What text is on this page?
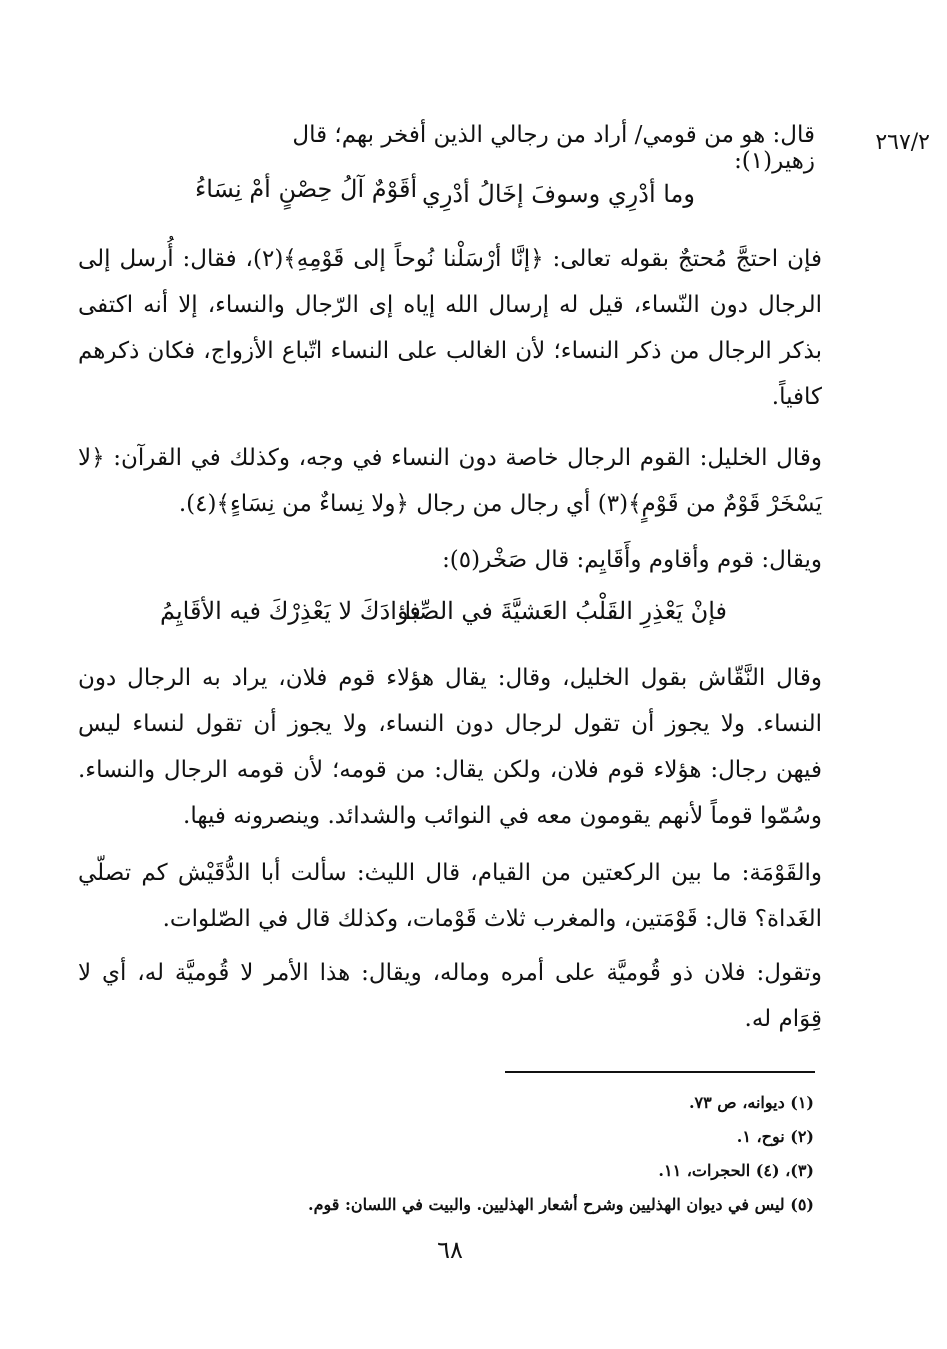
٢٦٧/٢
قال: هو من قومي/ أراد من رجالي الذين أفخر بهم؛ قال زهير(١):
وما أدْرِي وسوفَ إخَالُ أدْرِي
أقَوْمٌ آلُ حِصْنٍ أمْ نِسَاءُ
فإن احتجَّ مُحتجٌ بقوله تعالى: ﴿إنَّا أرْسَلْنا نُوحاً إلى قَوْمِهِ﴾(٢)، فقال: أُرسل إلى الرجال دون النّساء، قيل له إرسال الله إياه إى الرّجال والنساء، إلا أنه اكتفى بذكر الرجال من ذكر النساء؛ لأن الغالب على النساء اتّباع الأزواج، فكان ذكرهم كافياً.
وقال الخليل: القوم الرجال خاصة دون النساء في وجه، وكذلك في القرآن: ﴿لا يَسْخَرْ قَوْمٌ من قَوْمٍ﴾(٣) أي رجال من رجال ﴿ولا نِساءٌ من نِسَاءٍ﴾(٤).
ويقال: قوم وأقاوم وأَقَايِم: قال صَخْر(٥):
فإنْ يَعْذِرِ القَلْبُ العَشيَّةَ في الصِّبا
فؤادَكَ لا يَعْذِرْكَ فيه الأقَايِمُ
وقال النَّقّاش بقول الخليل، وقال: يقال هؤلاء قوم فلان، يراد به الرجال دون النساء. ولا يجوز أن تقول لرجال دون النساء، ولا يجوز أن تقول لنساء ليس فيهن رجال: هؤلاء قوم فلان، ولكن يقال: من قومه؛ لأن قومه الرجال والنساء. وسُمّوا قوماً لأنهم يقومون معه في النوائب والشدائد. وينصرونه فيها.
والقَوْمَة: ما بين الركعتين من القيام، قال الليث: سألت أبا الدُّقَيْش كم تصلّي الغَداة؟ قال: قَوْمَتين، والمغرب ثلاث قَوْمات، وكذلك قال في الصّلوات.
وتقول: فلان ذو قُوميَّة على أمره وماله، ويقال: هذا الأمر لا قُوميَّة له، أي لا قِوَام له.
(١) ديوانه، ص ٧٣.
(٢) نوح، ١.
(٣)، (٤) الحجرات، ١١.
(٥) ليس في ديوان الهذليين وشرح أشعار الهذليين. والبيت في اللسان: قوم.
٦٨
